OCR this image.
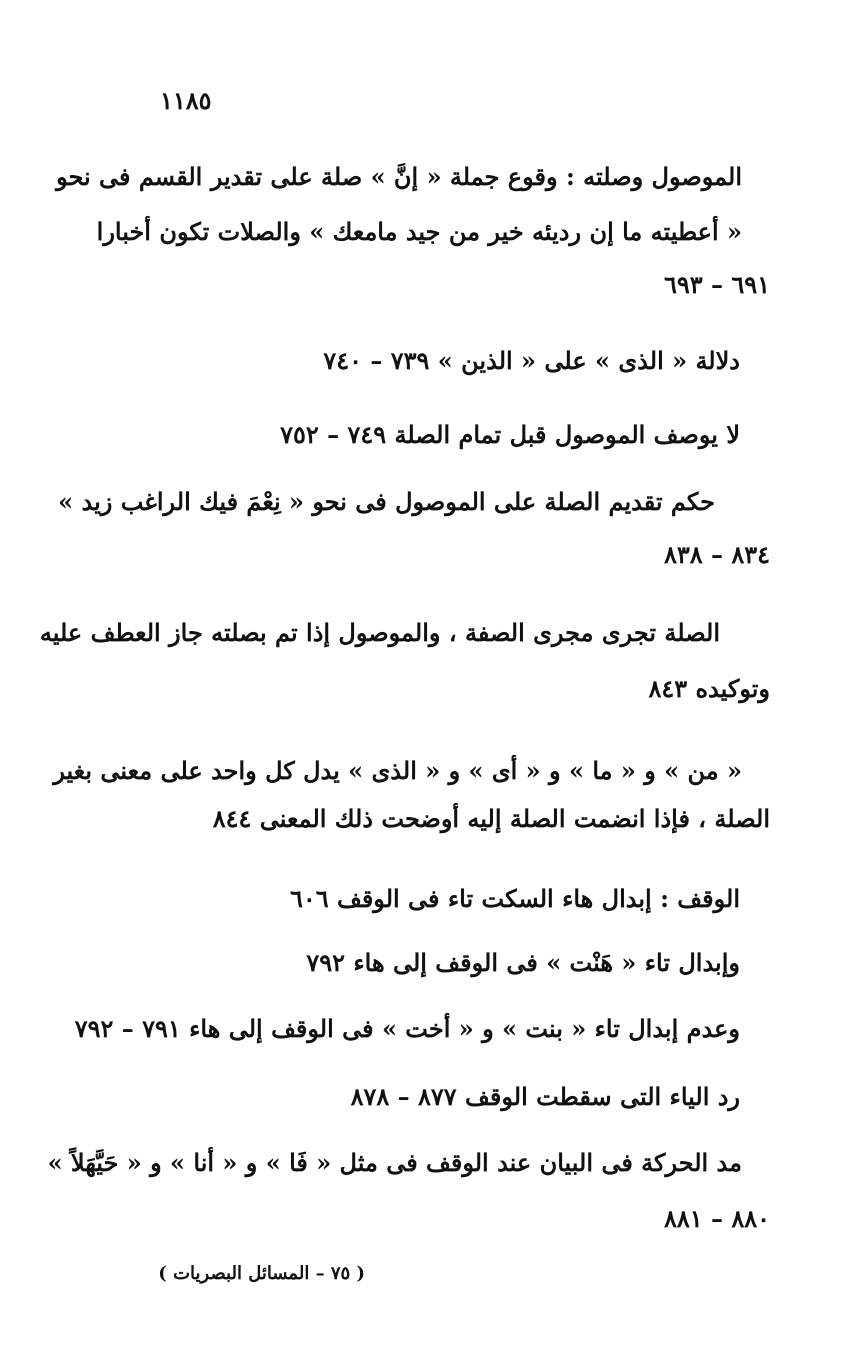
١١٨٥
الموصول وصلته : وقوع جملة « إنَّ » صلة على تقدير القسم فى نحو
« أعطيته ما إن رديئه خير من جيد مامعك » والصلات تكون أخبارا
٦٩١ – ٦٩٣
دلالة « الذى » على « الذين » ٧٣٩ – ٧٤٠
لا يوصف الموصول قبل تمام الصلة ٧٤٩ – ٧٥٢
حكم تقديم الصلة على الموصول فى نحو « نِعْمَ فيك الراغب زيد »
٨٣٤ – ٨٣٨
الصلة تجرى مجرى الصفة ، والموصول إذا تم بصلته جاز العطف عليه
وتوكيده ٨٤٣
« من » و « ما » و « أى » و « الذى » يدل كل واحد على معنى بغير
الصلة ، فإذا انضمت الصلة إليه أوضحت ذلك المعنى ٨٤٤
الوقف : إبدال هاء السكت تاء فى الوقف ٦٠٦
وإبدال تاء « هَنْت » فى الوقف إلى هاء ٧٩٢
وعدم إبدال تاء « بنت » و « أخت » فى الوقف إلى هاء ٧٩١ – ٧٩٢
رد الياء التى سقطت الوقف ٨٧٧ – ٨٧٨
مد الحركة فى البيان عند الوقف فى مثل « فَا » و « أنا » و « حَيَّهَلاً »
٨٨٠ – ٨٨١
( ٧٥ – المسائل البصريات )
